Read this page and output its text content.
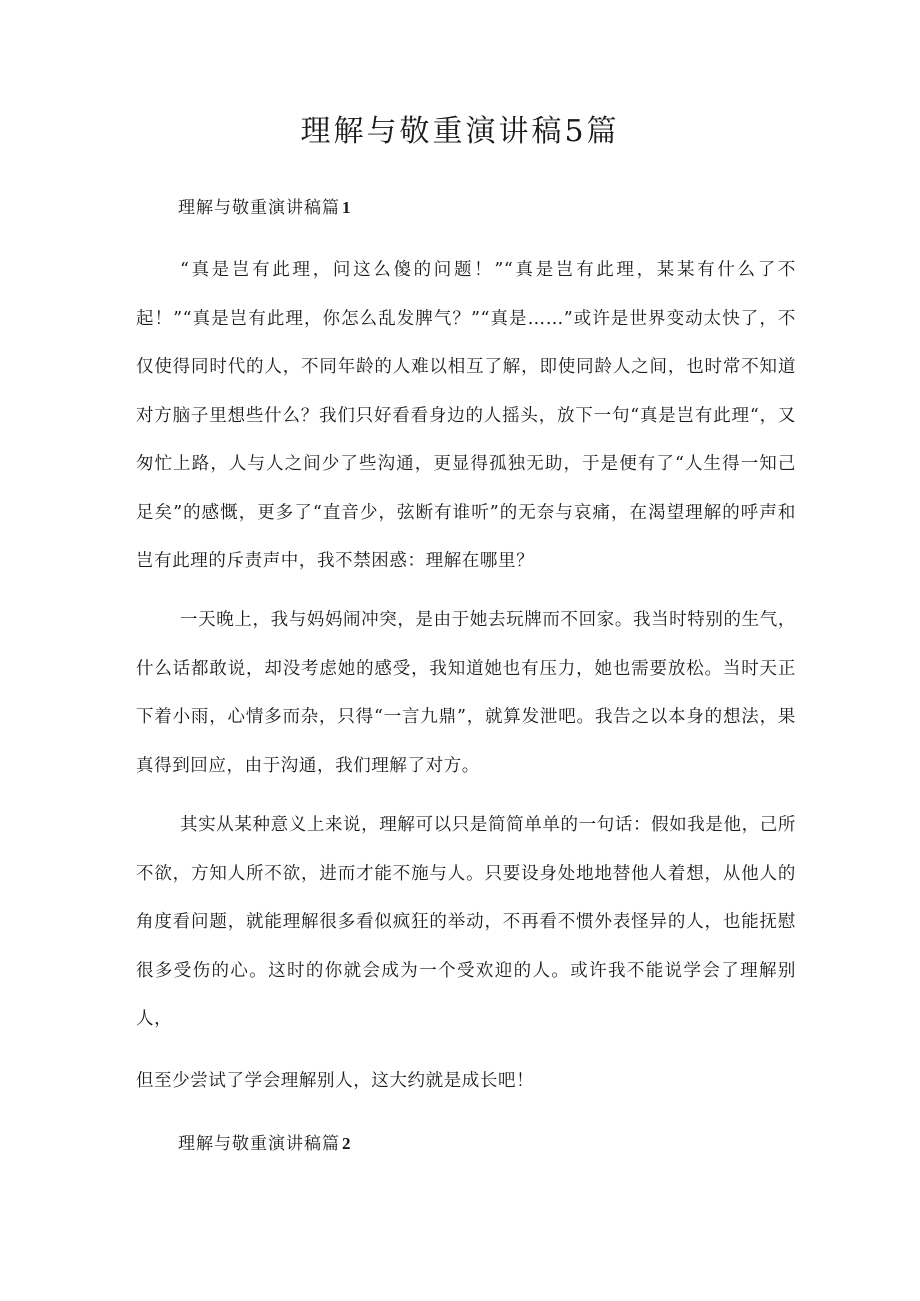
理解与敬重演讲稿5篇
理解与敬重演讲稿篇 1

“真是岂有此理，问这么傻的问题！”“真是岂有此理，某某有什么了不起！”“真是岂有此理，你怎么乱发脾气？”“真是……”或许是世界变动太快了，不仅使得同时代的人，不同年龄的人难以相互了解，即使同龄人之间，也时常不知道对方脑子里想些什么？我们只好看看身边的人摇头，放下一句“真是岂有此理“，又匆忙上路，人与人之间少了些沟通，更显得孤独无助，于是便有了“人生得一知己足矣”的感慨，更多了“直音少，弦断有谁听”的无奈与哀痛，在渴望理解的呼声和岂有此理的斥责声中，我不禁困惑：理解在哪里？

一天晚上，我与妈妈闹冲突，是由于她去玩牌而不回家。我当时特别的生气，什么话都敢说，却没考虑她的感受，我知道她也有压力，她也需要放松。当时天正下着小雨，心情多而杂，只得“一言九鼎”，就算发泄吧。我告之以本身的想法，果真得到回应，由于沟通，我们理解了对方。

其实从某种意义上来说，理解可以只是简简单单的一句话：假如我是他，己所不欲，方知人所不欲，进而才能不施与人。只要设身处地地替他人着想，从他人的角度看问题，就能理解很多看似疯狂的举动，不再看不惯外表怪异的人，也能抚慰很多受伤的心。这时的你就会成为一个受欢迎的人。或许我不能说学会了理解别人，

但至少尝试了学会理解别人，这大约就是成长吧！

理解与敬重演讲稿篇 2
